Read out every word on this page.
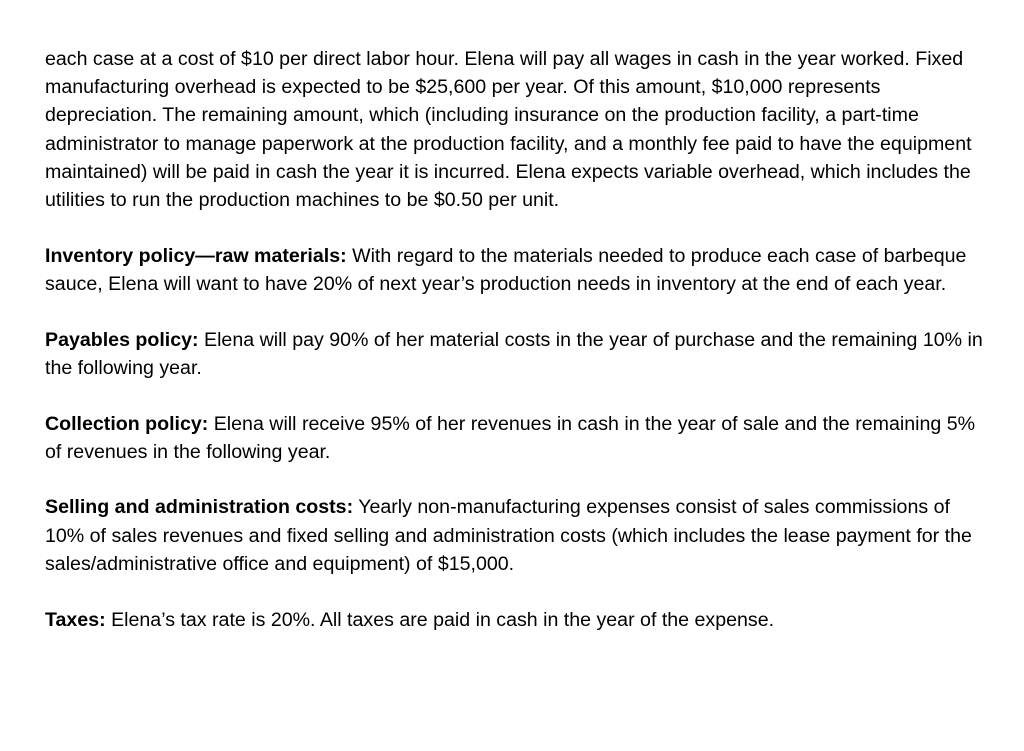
each case at a cost of $10 per direct labor hour. Elena will pay all wages in cash in the year worked. Fixed manufacturing overhead is expected to be $25,600 per year. Of this amount, $10,000 represents depreciation. The remaining amount, which (including insurance on the production facility, a part-time administrator to manage paperwork at the production facility, and a monthly fee paid to have the equipment maintained) will be paid in cash the year it is incurred. Elena expects variable overhead, which includes the utilities to run the production machines to be $0.50 per unit.

Inventory policy—raw materials: With regard to the materials needed to produce each case of barbeque sauce, Elena will want to have 20% of next year’s production needs in inventory at the end of each year.

Payables policy: Elena will pay 90% of her material costs in the year of purchase and the remaining 10% in the following year.

Collection policy: Elena will receive 95% of her revenues in cash in the year of sale and the remaining 5% of revenues in the following year.

Selling and administration costs: Yearly non-manufacturing expenses consist of sales commissions of 10% of sales revenues and fixed selling and administration costs (which includes the lease payment for the sales/administrative office and equipment) of $15,000.

Taxes: Elena’s tax rate is 20%. All taxes are paid in cash in the year of the expense.
